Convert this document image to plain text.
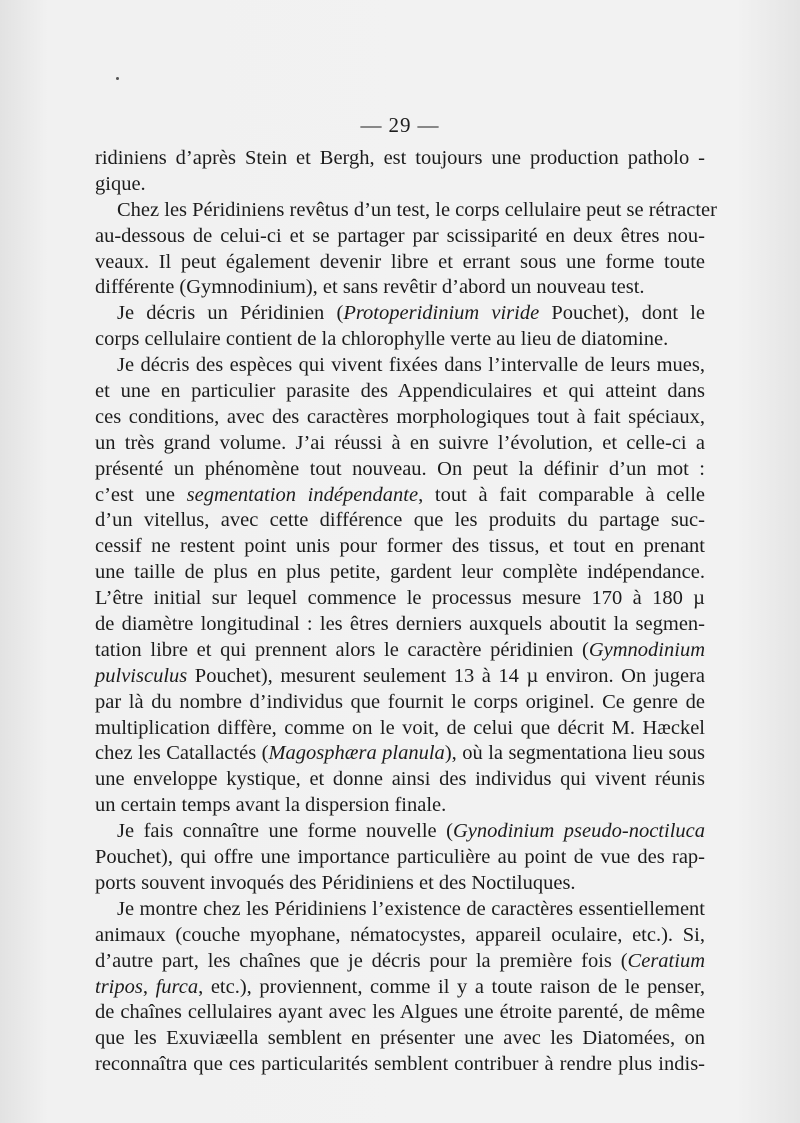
— 29 —
ridiniens d’après Stein et Bergh, est toujours une production patholo -
gique.
Chez les Péridiniens revêtus d’un test, le corps cellulaire peut se rétracter
au-dessous de celui-ci et se partager par scissiparité en deux êtres nou-
veaux. Il peut également devenir libre et errant sous une forme toute
différente (Gymnodinium), et sans revêtir d’abord un nouveau test.
Je décris un Péridinien (Protoperidinium viride Pouchet), dont le
corps cellulaire contient de la chlorophylle verte au lieu de diatomine.
Je décris des espèces qui vivent fixées dans l’intervalle de leurs mues,
et une en particulier parasite des Appendiculaires et qui atteint dans
ces conditions, avec des caractères morphologiques tout à fait spéciaux,
un très grand volume. J’ai réussi à en suivre l’évolution, et celle-ci a
présenté un phénomène tout nouveau. On peut la définir d’un mot :
c’est une segmentation indépendante, tout à fait comparable à celle
d’un vitellus, avec cette différence que les produits du partage suc-
cessif ne restent point unis pour former des tissus, et tout en prenant
une taille de plus en plus petite, gardent leur complète indépendance.
L’être initial sur lequel commence le processus mesure 170 à 180 µ
de diamètre longitudinal : les êtres derniers auxquels aboutit la segmen-
tation libre et qui prennent alors le caractère péridinien (Gymnodinium
pulvisculus Pouchet), mesurent seulement 13 à 14 µ environ. On jugera
par là du nombre d’individus que fournit le corps originel. Ce genre de
multiplication diffère, comme on le voit, de celui que décrit M. Hæckel
chez les Catallactés (Magosphæra planula), où la segmentationa lieu sous
une enveloppe kystique, et donne ainsi des individus qui vivent réunis
un certain temps avant la dispersion finale.
Je fais connaître une forme nouvelle (Gynodinium pseudo-noctiluca
Pouchet), qui offre une importance particulière au point de vue des rap-
ports souvent invoqués des Péridiniens et des Noctiluques.
Je montre chez les Péridiniens l’existence de caractères essentiellement
animaux (couche myophane, nématocystes, appareil oculaire, etc.). Si,
d’autre part, les chaînes que je décris pour la première fois (Ceratium
tripos, furca, etc.), proviennent, comme il y a toute raison de le penser,
de chaînes cellulaires ayant avec les Algues une étroite parenté, de même
que les Exuviæella semblent en présenter une avec les Diatomées, on
reconnaîtra que ces particularités semblent contribuer à rendre plus indis-
